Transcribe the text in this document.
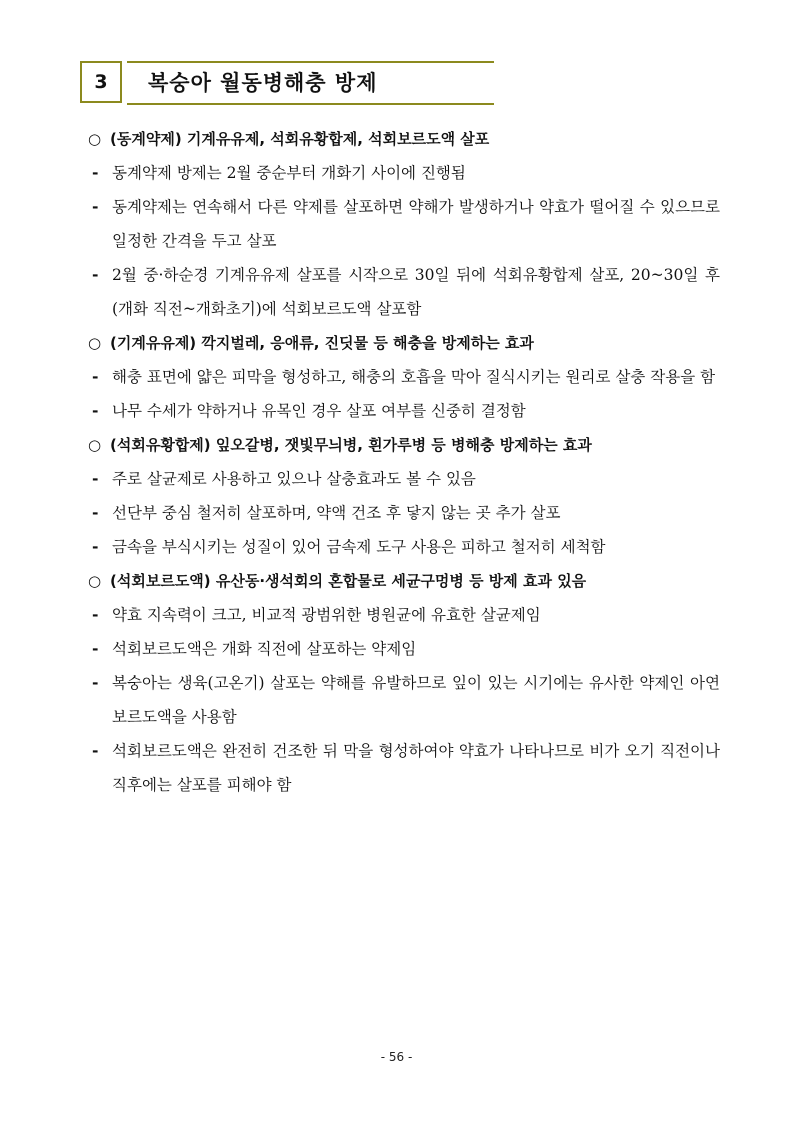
3	복숭아 월동병해충 방제
○ (동계약제) 기계유유제, 석회유황합제, 석회보르도액 살포
- 동계약제 방제는 2월 중순부터 개화기 사이에 진행됨
- 동계약제는 연속해서 다른 약제를 살포하면 약해가 발생하거나 약효가 떨어질 수 있으므로 일정한 간격을 두고 살포
- 2월 중·하순경 기계유유제 살포를 시작으로 30일 뒤에 석회유황합제 살포, 20~30일 후(개화 직전~개화초기)에 석회보르도액 살포함
○ (기계유유제) 깍지벌레, 응애류, 진딧물 등 해충을 방제하는 효과
- 해충 표면에 얇은 피막을 형성하고, 해충의 호흡을 막아 질식시키는 원리로 살충 작용을 함
- 나무 수세가 약하거나 유목인 경우 살포 여부를 신중히 결정함
○ (석회유황합제) 잎오갈병, 잿빛무늬병, 흰가루병 등 병해충 방제하는 효과
- 주로 살균제로 사용하고 있으나 살충효과도 볼 수 있음
- 선단부 중심 철저히 살포하며, 약액 건조 후 닿지 않는 곳 추가 살포
- 금속을 부식시키는 성질이 있어 금속제 도구 사용은 피하고 철저히 세척함
○ (석회보르도액) 유산동·생석회의 혼합물로 세균구멍병 등 방제 효과 있음
- 약효 지속력이 크고, 비교적 광범위한 병원균에 유효한 살균제임
- 석회보르도액은 개화 직전에 살포하는 약제임
- 복숭아는 생육(고온기) 살포는 약해를 유발하므로 잎이 있는 시기에는 유사한 약제인 아연보르도액을 사용함
- 석회보르도액은 완전히 건조한 뒤 막을 형성하여야 약효가 나타나므로 비가 오기 직전이나 직후에는 살포를 피해야 함
- 56 -
